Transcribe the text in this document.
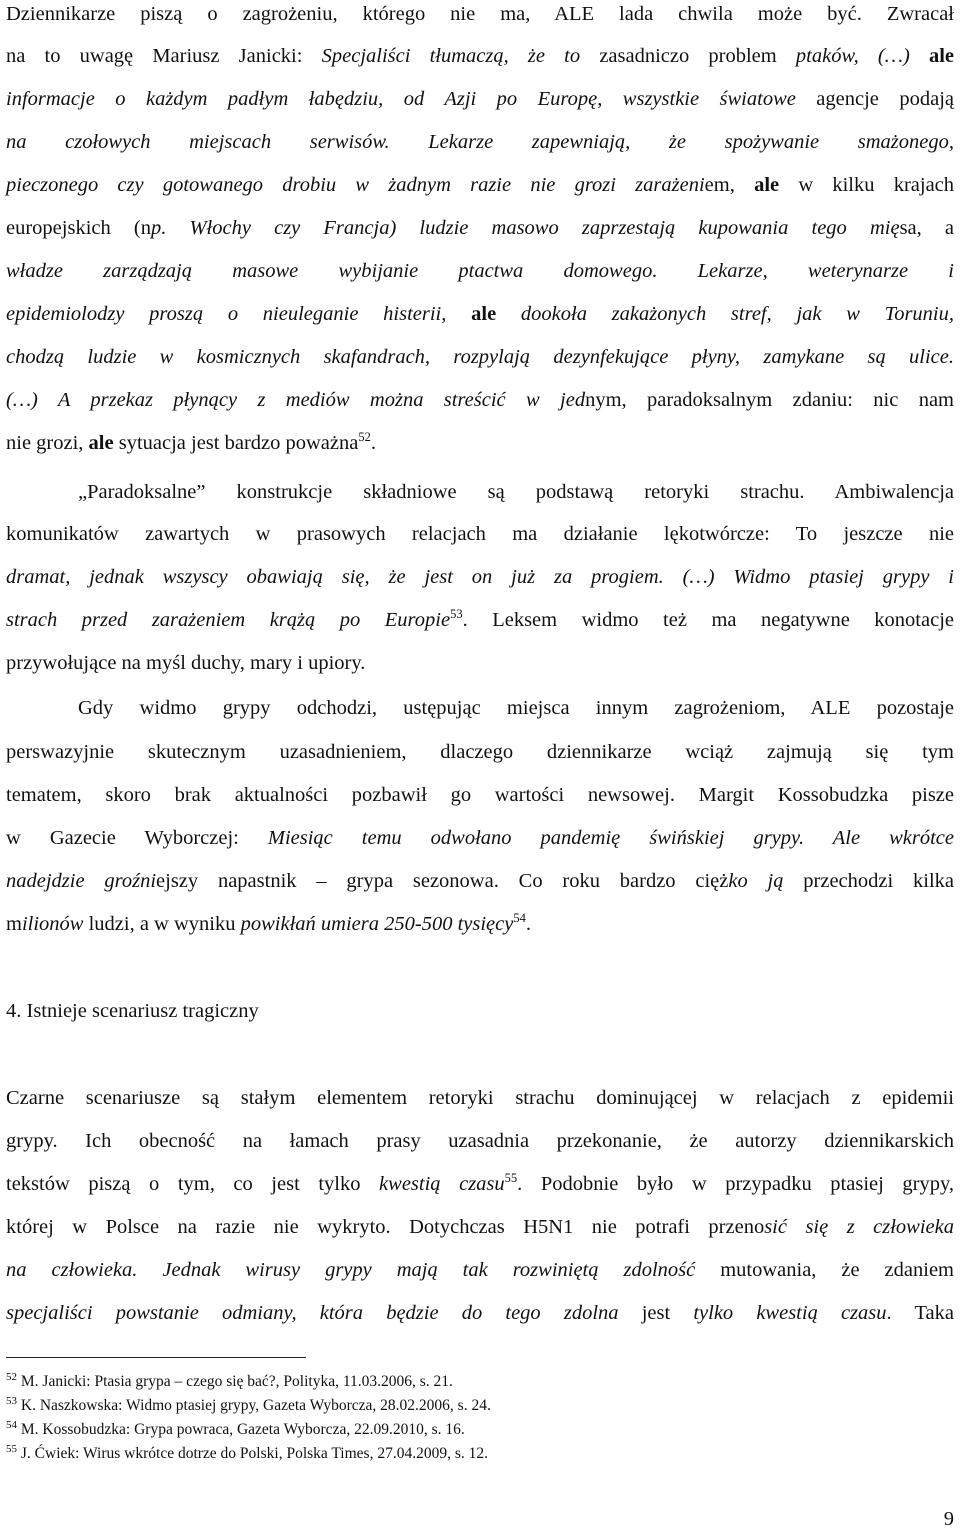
Dziennikarze piszą o zagrożeniu, którego nie ma, ALE lada chwila może być. Zwracał
na to uwagę Mariusz Janicki: Specjaliści tłumaczą, że to zasadniczo problem ptaków, (…) ale
informacje o każdym padłym łabędziu, od Azji po Europę, wszystkie światowe agencje podają
na czołowych miejscach serwisów. Lekarze zapewniają, że spożywanie smażonego,
pieczonego czy gotowanego drobiu w żadnym razie nie grozi zarażeniem, ale w kilku krajach
europejskich (np. Włochy czy Francja) ludzie masowo zaprzestają kupowania tego mięsa, a
władze zarządzają masowe wybijanie ptactwa domowego. Lekarze, weterynarze i
epidemiolodzy proszą o nieuleganie histerii, ale dookoła zakażonych stref, jak w Toruniu,
chodzą ludzie w kosmicznych skafandrach, rozpylają dezynfekujące płyny, zamykane są ulice.
(…) A przekaz płynący z mediów można streścić w jednym, paradoksalnym zdaniu: nic nam
nie grozi, ale sytuacja jest bardzo poważna$^{52}$.
„Paradoksalne” konstrukcje składniowe są podstawą retoryki strachu. Ambiwalencja
komunikatów zawartych w prasowych relacjach ma działanie lękotwórcze: To jeszcze nie
dramat, jednak wszyscy obawiają się, że jest on już za progiem. (…) Widmo ptasiej grypy i
strach przed zarażeniem krążą po Europie$^{53}$. Leksem widmo też ma negatywne konotacje
przywołujące na myśl duchy, mary i upiory.
Gdy widmo grypy odchodzi, ustępując miejsca innym zagrożeniom, ALE pozostaje
perswazyjnie skutecznym uzasadnieniem, dlaczego dziennikarze wciąż zajmują się tym
tematem, skoro brak aktualności pozbawił go wartości newsowej. Margit Kossobudzka pisze
w Gazecie Wyborczej: Miesiąc temu odwołano pandemię świńskiej grypy. Ale wkrótce
nadejdzie groźniejszy napastnik – grypa sezonowa. Co roku bardzo ciężko ją przechodzi kilka
milionów ludzi, a w wyniku powikłań umiera 250-500 tysięcy$^{54}$.
4. Istnieje scenariusz tragiczny
Czarne scenariusze są stałym elementem retoryki strachu dominującej w relacjach z epidemii
grypy. Ich obecność na łamach prasy uzasadnia przekonanie, że autorzy dziennikarskich
tekstów piszą o tym, co jest tylko kwestią czasu$^{55}$. Podobnie było w przypadku ptasiej grypy,
której w Polsce na razie nie wykryto. Dotychczas H5N1 nie potrafi przenosić się z człowieka
na człowieka. Jednak wirusy grypy mają tak rozwiniętą zdolność mutowania, że zdaniem
specjaliści powstanie odmiany, która będzie do tego zdolna jest tylko kwestią czasu. Taka
$^{52}$ M. Janicki: Ptasia grypa – czego się bać?, Polityka, 11.03.2006, s. 21.
$^{53}$ K. Naszkowska: Widmo ptasiej grypy, Gazeta Wyborcza, 28.02.2006, s. 24.
$^{54}$ M. Kossobudzka: Grypa powraca, Gazeta Wyborcza, 22.09.2010, s. 16.
$^{55}$ J. Ćwiek: Wirus wkrótce dotrze do Polski, Polska Times, 27.04.2009, s. 12.
9
